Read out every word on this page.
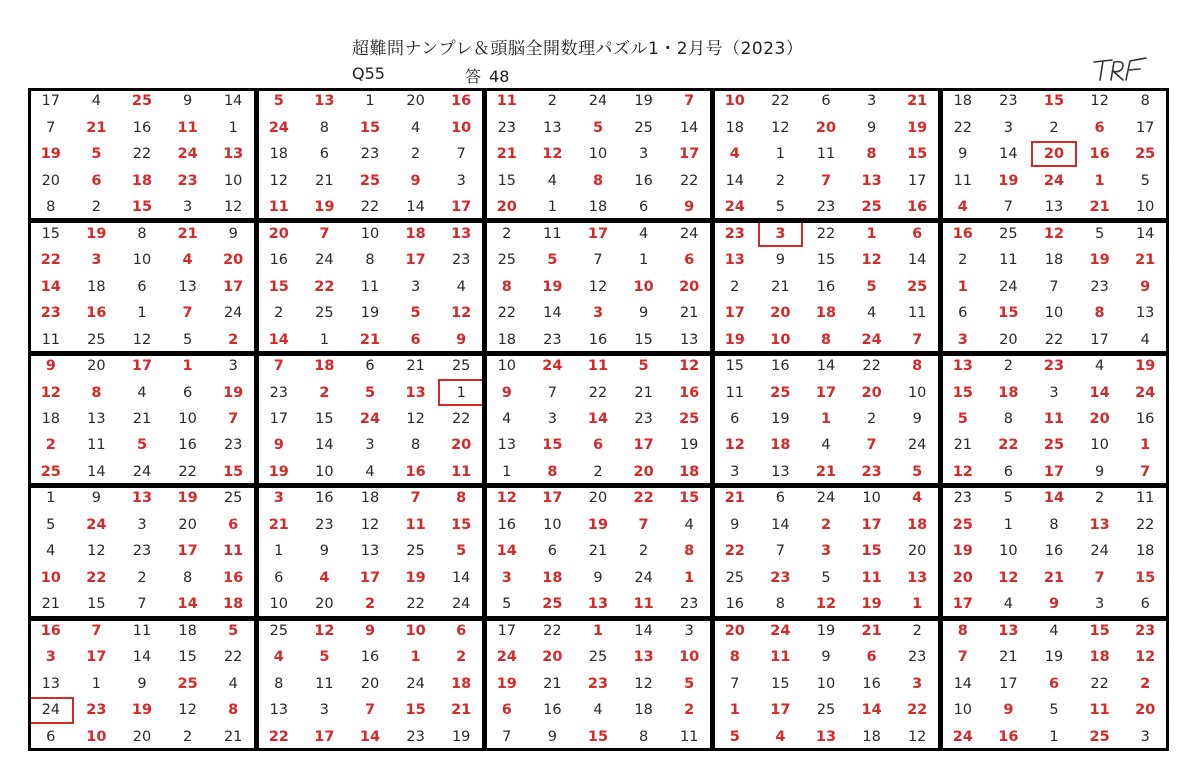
超難問ナンプレ＆頭脳全開数理パズル1・2月号（2023）
Q55	答 48
17	4	25	9	14	5	13	1	20	16	11	2	24	19	7	10	22	6	3	21	18	23	15	12	8
7	21	16	11	1	24	8	15	4	10	23	13	5	25	14	18	12	20	9	19	22	3	2	6	17
19	5	22	24	13	18	6	23	2	7	21	12	10	3	17	4	1	11	8	15	9	14	20	16	25
20	6	18	23	10	12	21	25	9	3	15	4	8	16	22	14	2	7	13	17	11	19	24	1	5
8	2	15	3	12	11	19	22	14	17	20	1	18	6	9	24	5	23	25	16	4	7	13	21	10
15	19	8	21	9	20	7	10	18	13	2	11	17	4	24	23	3	22	1	6	16	25	12	5	14
22	3	10	4	20	16	24	8	17	23	25	5	7	1	6	13	9	15	12	14	2	11	18	19	21
14	18	6	13	17	15	22	11	3	4	8	19	12	10	20	2	21	16	5	25	1	24	7	23	9
23	16	1	7	24	2	25	19	5	12	22	14	3	9	21	17	20	18	4	11	6	15	10	8	13
11	25	12	5	2	14	1	21	6	9	18	23	16	15	13	19	10	8	24	7	3	20	22	17	4
9	20	17	1	3	7	18	6	21	25	10	24	11	5	12	15	16	14	22	8	13	2	23	4	19
12	8	4	6	19	23	2	5	13	1	9	7	22	21	16	11	25	17	20	10	15	18	3	14	24
18	13	21	10	7	17	15	24	12	22	4	3	14	23	25	6	19	1	2	9	5	8	11	20	16
2	11	5	16	23	9	14	3	8	20	13	15	6	17	19	12	18	4	7	24	21	22	25	10	1
25	14	24	22	15	19	10	4	16	11	1	8	2	20	18	3	13	21	23	5	12	6	17	9	7
1	9	13	19	25	3	16	18	7	8	12	17	20	22	15	21	6	24	10	4	23	5	14	2	11
5	24	3	20	6	21	23	12	11	15	16	10	19	7	4	9	14	2	17	18	25	1	8	13	22
4	12	23	17	11	1	9	13	25	5	14	6	21	2	8	22	7	3	15	20	19	10	16	24	18
10	22	2	8	16	6	4	17	19	14	3	18	9	24	1	25	23	5	11	13	20	12	21	7	15
21	15	7	14	18	10	20	2	22	24	5	25	13	11	23	16	8	12	19	1	17	4	9	3	6
16	7	11	18	5	25	12	9	10	6	17	22	1	14	3	20	24	19	21	2	8	13	4	15	23
3	17	14	15	22	4	5	16	1	2	24	20	25	13	10	8	11	9	6	23	7	21	19	18	12
13	1	9	25	4	8	11	20	24	18	19	21	23	12	5	7	15	10	16	3	14	17	6	22	2
24	23	19	12	8	13	3	7	15	21	6	16	4	18	2	1	17	25	14	22	10	9	5	11	20
6	10	20	2	21	22	17	14	23	19	7	9	15	8	11	5	4	13	18	12	24	16	1	25	3
